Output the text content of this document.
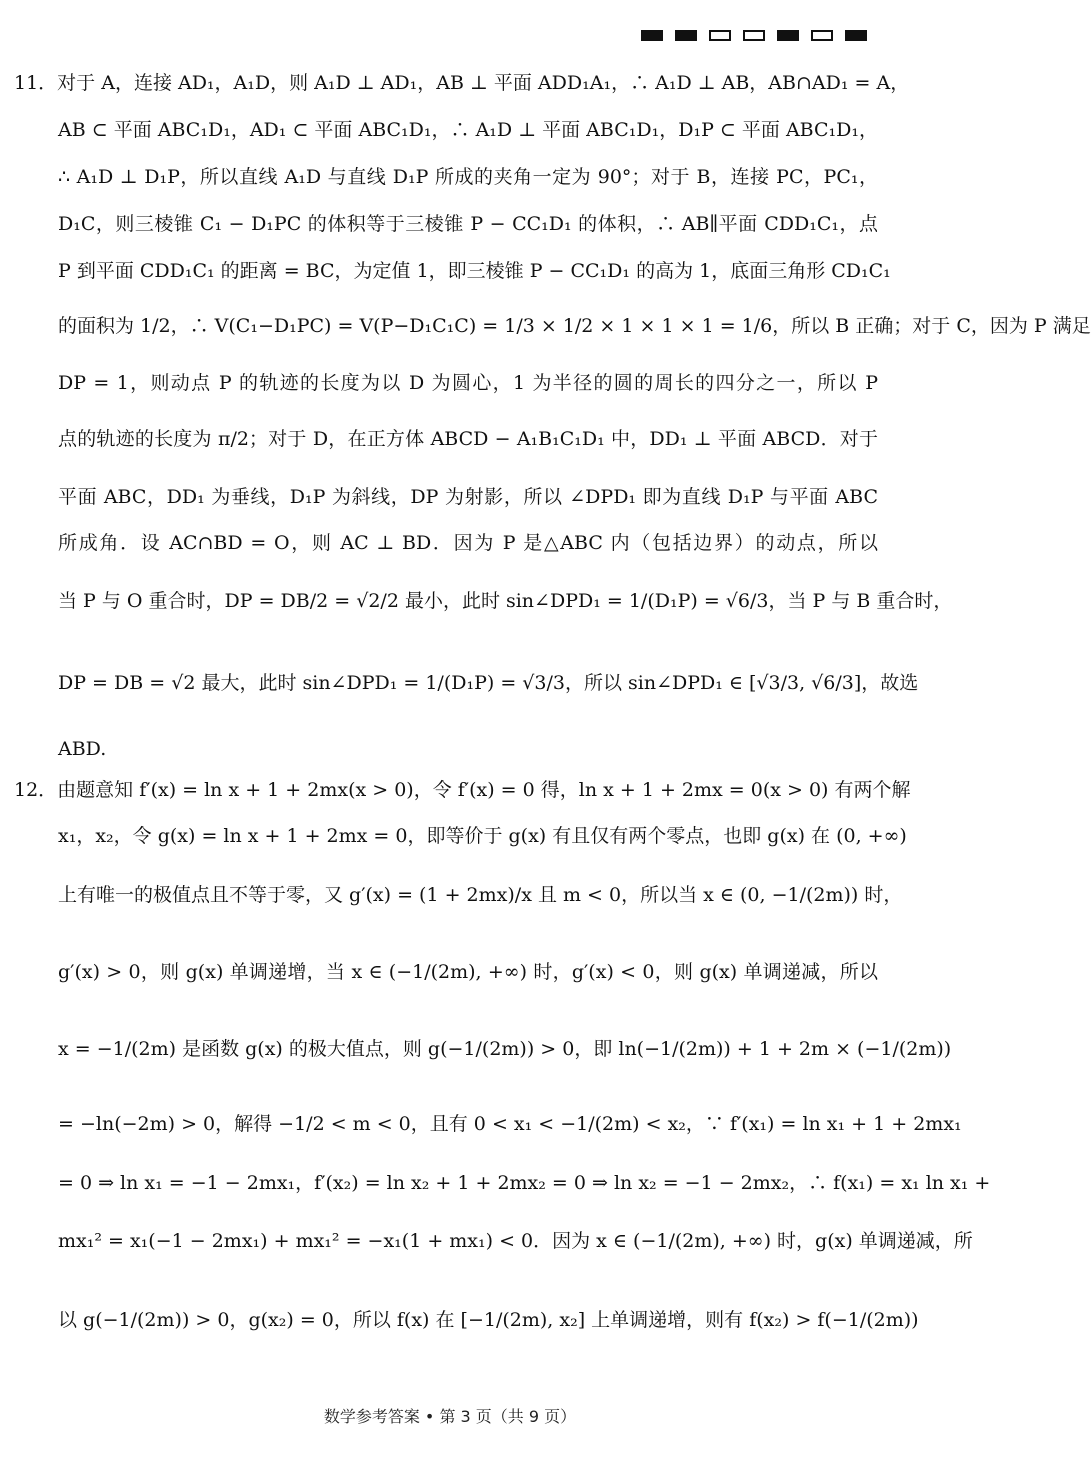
11．对于 A，连接 AD₁，A₁D，则 A₁D ⊥ AD₁，AB ⊥ 平面 ADD₁A₁，∴ A₁D ⊥ AB，AB∩AD₁ = A，
AB ⊂ 平面 ABC₁D₁，AD₁ ⊂ 平面 ABC₁D₁，∴ A₁D ⊥ 平面 ABC₁D₁，D₁P ⊂ 平面 ABC₁D₁，
∴ A₁D ⊥ D₁P，所以直线 A₁D 与直线 D₁P 所成的夹角一定为 90°；对于 B，连接 PC，PC₁，
D₁C，则三棱锥 C₁ − D₁PC 的体积等于三棱锥 P − CC₁D₁ 的体积，∴ AB∥平面 CDD₁C₁，点
P 到平面 CDD₁C₁ 的距离 = BC，为定值 1，即三棱锥 P − CC₁D₁ 的高为 1，底面三角形 CD₁C₁
的面积为 1/2，∴ V(C₁−D₁PC) = V(P−D₁C₁C) = 1/3 × 1/2 × 1 × 1 × 1 = 1/6，所以 B 正确；对于 C，因为 P 满足
DP = 1，则动点 P 的轨迹的长度为以 D 为圆心，1 为半径的圆的周长的四分之一，所以 P
点的轨迹的长度为 π/2；对于 D，在正方体 ABCD − A₁B₁C₁D₁ 中，DD₁ ⊥ 平面 ABCD．对于
平面 ABC，DD₁ 为垂线，D₁P 为斜线，DP 为射影，所以 ∠DPD₁ 即为直线 D₁P 与平面 ABC
所成角．设 AC∩BD = O，则 AC ⊥ BD．因为 P 是△ABC 内（包括边界）的动点，所以
当 P 与 O 重合时，DP = DB/2 = √2/2 最小，此时 sin∠DPD₁ = 1/(D₁P) = √6/3，当 P 与 B 重合时，
DP = DB = √2 最大，此时 sin∠DPD₁ = 1/(D₁P) = √3/3，所以 sin∠DPD₁ ∈ [√3/3, √6/3]，故选
ABD.
12．由题意知 f′(x) = ln x + 1 + 2mx(x > 0)，令 f′(x) = 0 得，ln x + 1 + 2mx = 0(x > 0) 有两个解
x₁，x₂，令 g(x) = ln x + 1 + 2mx = 0，即等价于 g(x) 有且仅有两个零点，也即 g(x) 在 (0, +∞)
上有唯一的极值点且不等于零，又 g′(x) = (1 + 2mx)/x 且 m < 0，所以当 x ∈ (0, −1/(2m)) 时，
g′(x) > 0，则 g(x) 单调递增，当 x ∈ (−1/(2m), +∞) 时，g′(x) < 0，则 g(x) 单调递减，所以
x = −1/(2m) 是函数 g(x) 的极大值点，则 g(−1/(2m)) > 0，即 ln(−1/(2m)) + 1 + 2m × (−1/(2m))
= −ln(−2m) > 0，解得 −1/2 < m < 0，且有 0 < x₁ < −1/(2m) < x₂，∵ f′(x₁) = ln x₁ + 1 + 2mx₁
= 0 ⇒ ln x₁ = −1 − 2mx₁，f′(x₂) = ln x₂ + 1 + 2mx₂ = 0 ⇒ ln x₂ = −1 − 2mx₂，∴ f(x₁) = x₁ ln x₁ +
mx₁² = x₁(−1 − 2mx₁) + mx₁² = −x₁(1 + mx₁) < 0．因为 x ∈ (−1/(2m), +∞) 时，g(x) 单调递减，所
以 g(−1/(2m)) > 0，g(x₂) = 0，所以 f(x) 在 [−1/(2m), x₂] 上单调递增，则有 f(x₂) > f(−1/(2m))
数学参考答案 • 第 3 页（共 9 页）
